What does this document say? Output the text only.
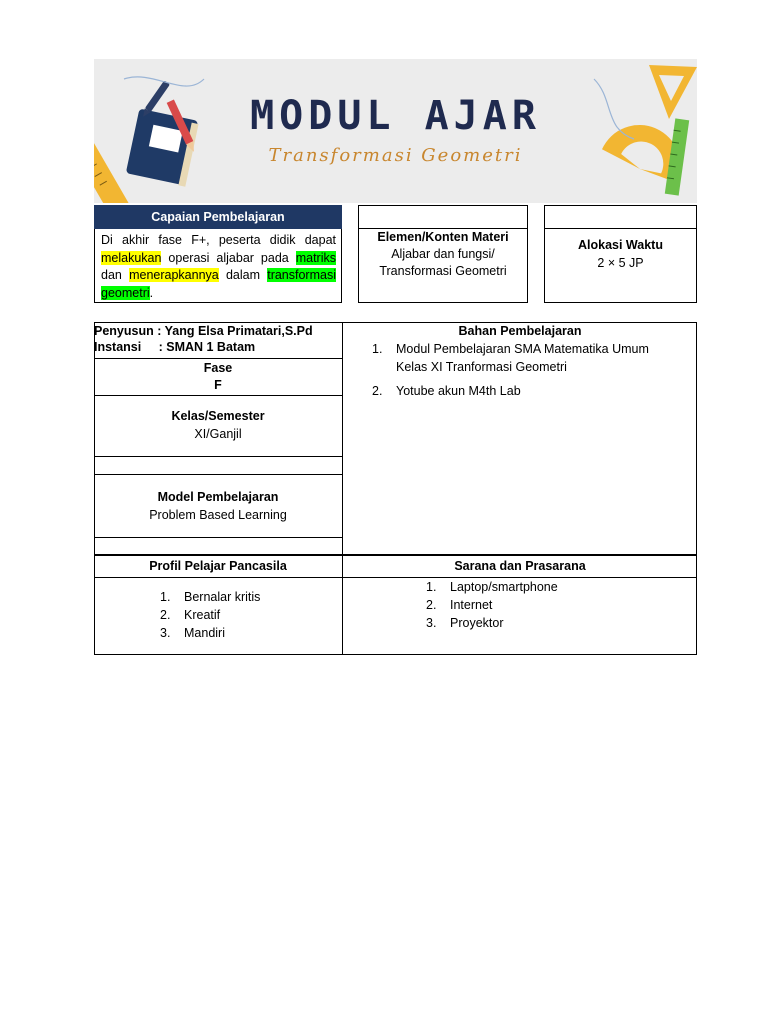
MODUL AJAR
Transformasi Geometri
Capaian Pembelajaran
Di akhir fase F+, peserta didik dapat melakukan operasi aljabar pada matriks dan menerapkannya dalam transformasi geometri.
Elemen/Konten Materi
Aljabar dan fungsi/
Transformasi Geometri
Alokasi Waktu
2 × 5 JP
Penyusun : Yang Elsa Primatari,S.Pd
Instansi     : SMAN 1 Batam
Fase
F
Kelas/Semester
XI/Ganjil
Model Pembelajaran
Problem Based Learning
Bahan Pembelajaran
1. Modul Pembelajaran SMA Matematika Umum
Kelas XI Tranformasi Geometri
2. Yotube akun M4th Lab
Profil Pelajar Pancasila	Sarana dan Prasarana
1. Bernalar kritis
2. Kreatif
3. Mandiri
1. Laptop/smartphone
2. Internet
3. Proyektor
